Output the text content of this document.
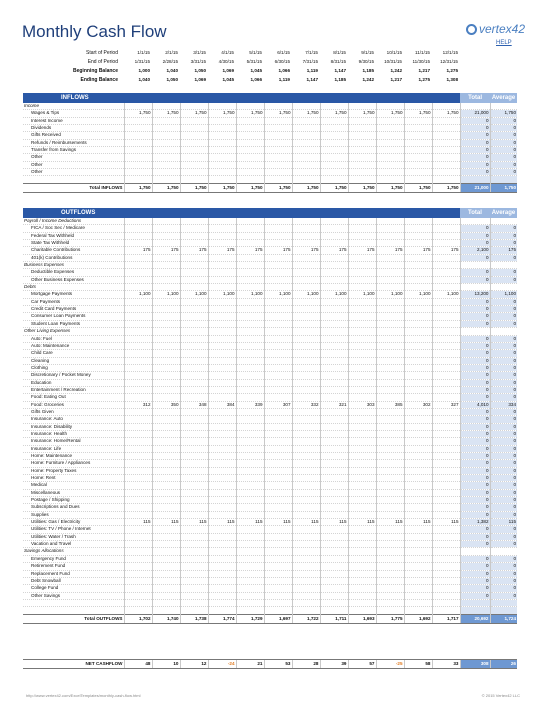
Monthly Cash Flow	vertex42
HELP
Start of Period	1/1/15	2/1/15	3/1/15	4/1/15	5/1/15	6/1/15	7/1/15	8/1/15	9/1/15	10/1/15	11/1/15	12/1/15
End of Period	1/31/15	2/28/15	3/31/15	4/30/15	5/31/15	6/30/15	7/31/15	8/31/15	9/30/15	10/31/15	11/30/15	12/31/15
Beginning Balance	1,000	1,040	1,050	1,069	1,045	1,066	1,119	1,147	1,185	1,242	1,217	1,275
Ending Balance	1,040	1,050	1,069	1,045	1,066	1,119	1,147	1,185	1,242	1,217	1,275	1,308
INFLOWS													Total	Average
Income														
Wages & Tips	1,750	1,750	1,750	1,750	1,750	1,750	1,750	1,750	1,750	1,750	1,750	1,750	21,000	1,750
Interest Income													0	0
Dividends													0	0
Gifts Received													0	0
Refunds / Reimbursements													0	0
Transfer from Savings													0	0
Other													0	0
Other													0	0
Other													0	0

Total INFLOWS	1,750	1,750	1,750	1,750	1,750	1,750	1,750	1,750	1,750	1,750	1,750	1,750	21,000	1,750
OUTFLOWS													Total	Average
Payroll / Income Deductions														
FICA / Soc Sec / Medicare													0	0
Federal Tax Withheld													0	0
State Tax Withheld													0	0
Charitable Contributions	175	175	175	175	175	175	175	175	175	175	175	175	2,100	175
401(k) Contributions													0	0
Business Expenses														
Deductible Expenses													0	0
Other Business Expenses													0	0
Debts														
Mortgage Payments	1,100	1,100	1,100	1,100	1,100	1,100	1,100	1,100	1,100	1,100	1,100	1,100	13,200	1,100
Car Payments													0	0
Credit Card Payments													0	0
Consumer Loan Payments													0	0
Student Loan Payments													0	0
Other Living Expenses														
Auto: Fuel													0	0
Auto: Maintenance													0	0
Child Care													0	0
Cleaning													0	0
Clothing													0	0
Discretionary / Pocket Money													0	0
Education													0	0
Entertainment / Recreation													0	0
Food: Eating Out													0	0
Food: Groceries	312	350	348	384	339	307	332	321	303	385	302	327	4,010	334
Gifts Given													0	0
Insurance: Auto													0	0
Insurance: Disability													0	0
Insurance: Health													0	0
Insurance: Home/Rental													0	0
Insurance: Life													0	0
Home: Maintenance													0	0
Home: Furniture / Appliances													0	0
Home: Property Taxes													0	0
Home: Rent													0	0
Medical													0	0
Miscellaneous													0	0
Postage / Shipping													0	0
Subscriptions and Dues													0	0
Supplies													0	0
Utilities: Gas / Electricity	115	115	115	115	115	115	115	115	115	115	115	115	1,382	115
Utilities: TV / Phone / Internet													0	0
Utilities: Water / Trash													0	0
Vacation and Travel													0	0
Savings Allocations														
Emergency Fund													0	0
Retirement Fund													0	0
Replacement Fund													0	0
Debt Snowball													0	0
College Fund													0	0
Other Savings													0	0

Total OUTFLOWS	1,702	1,740	1,738	1,774	1,729	1,697	1,722	1,711	1,693	1,775	1,692	1,717	20,692	1,724
NET CASHFLOW	48	10	12	-24	21	53	28	39	57	-25	58	33	308	26
http://www.vertex42.com/ExcelTemplates/monthly-cash-flow.html	© 2015 Vertex42 LLC
